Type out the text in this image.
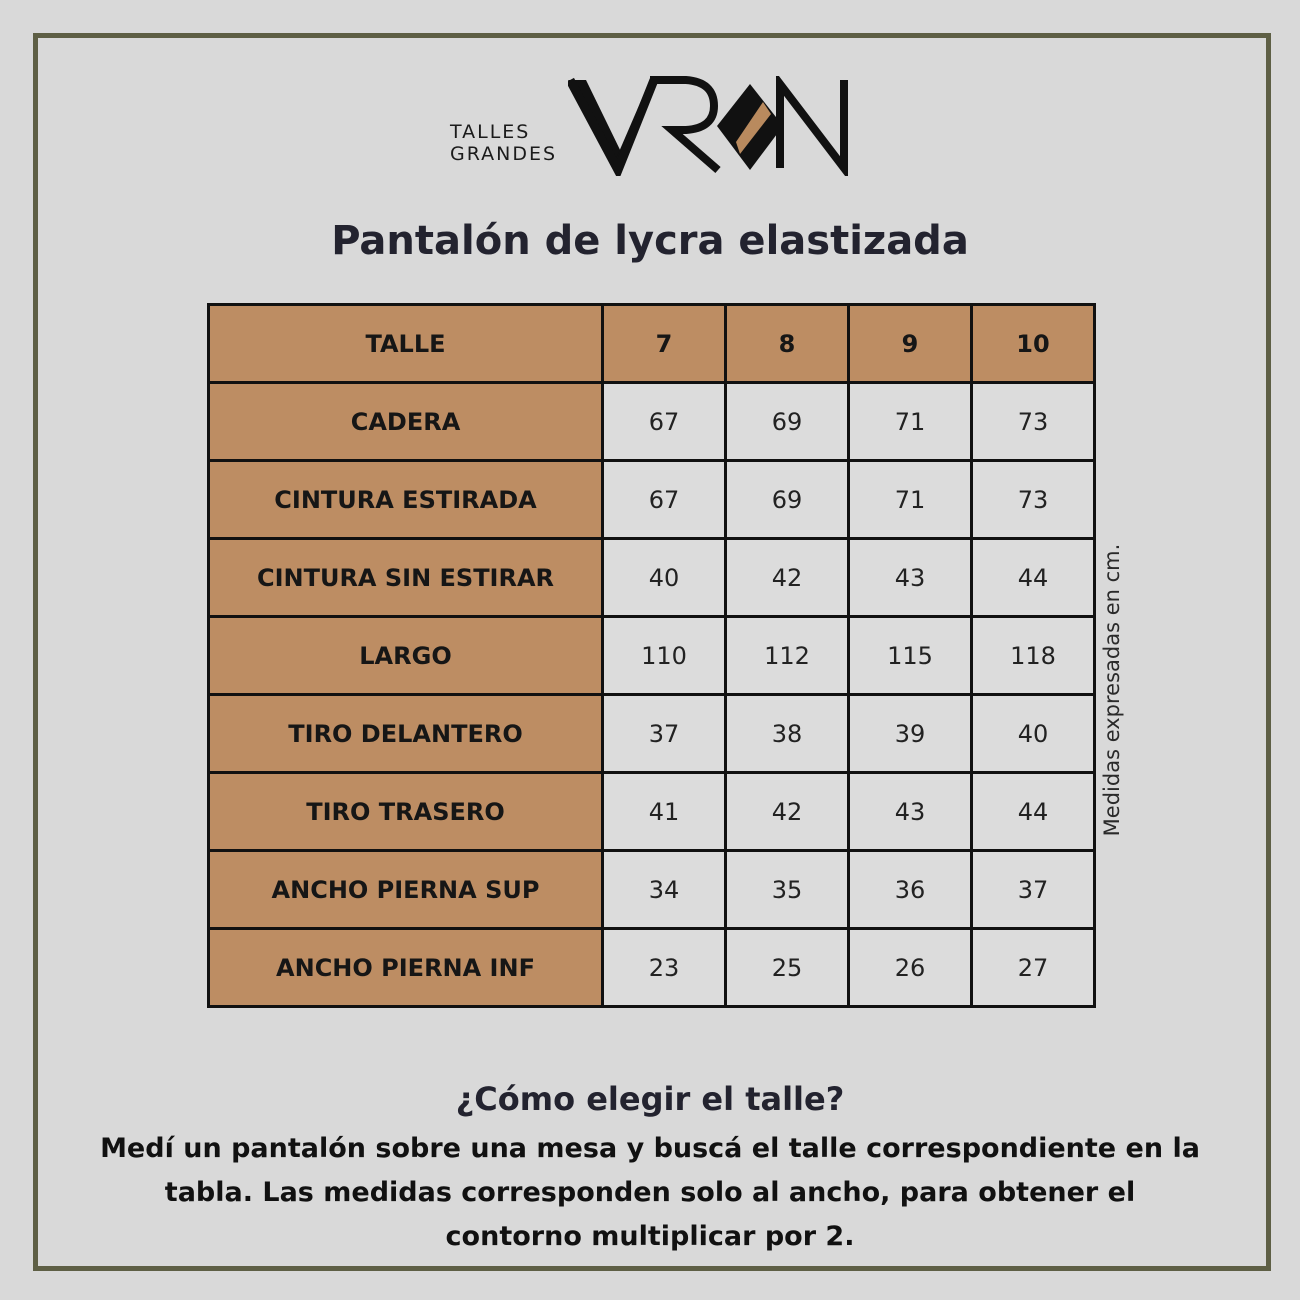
TALLES
GRANDES
Pantalón de lycra elastizada
TALLE	7	8	9	10
CADERA	67	69	71	73
CINTURA ESTIRADA	67	69	71	73
CINTURA SIN ESTIRAR	40	42	43	44
LARGO	110	112	115	118
TIRO DELANTERO	37	38	39	40
TIRO TRASERO	41	42	43	44
ANCHO PIERNA SUP	34	35	36	37
ANCHO PIERNA INF	23	25	26	27
Medidas expresadas en cm.
¿Cómo elegir el talle?
Medí un pantalón sobre una mesa y buscá el talle correspondiente en la
tabla. Las medidas corresponden solo al ancho, para obtener el
contorno multiplicar por 2.
